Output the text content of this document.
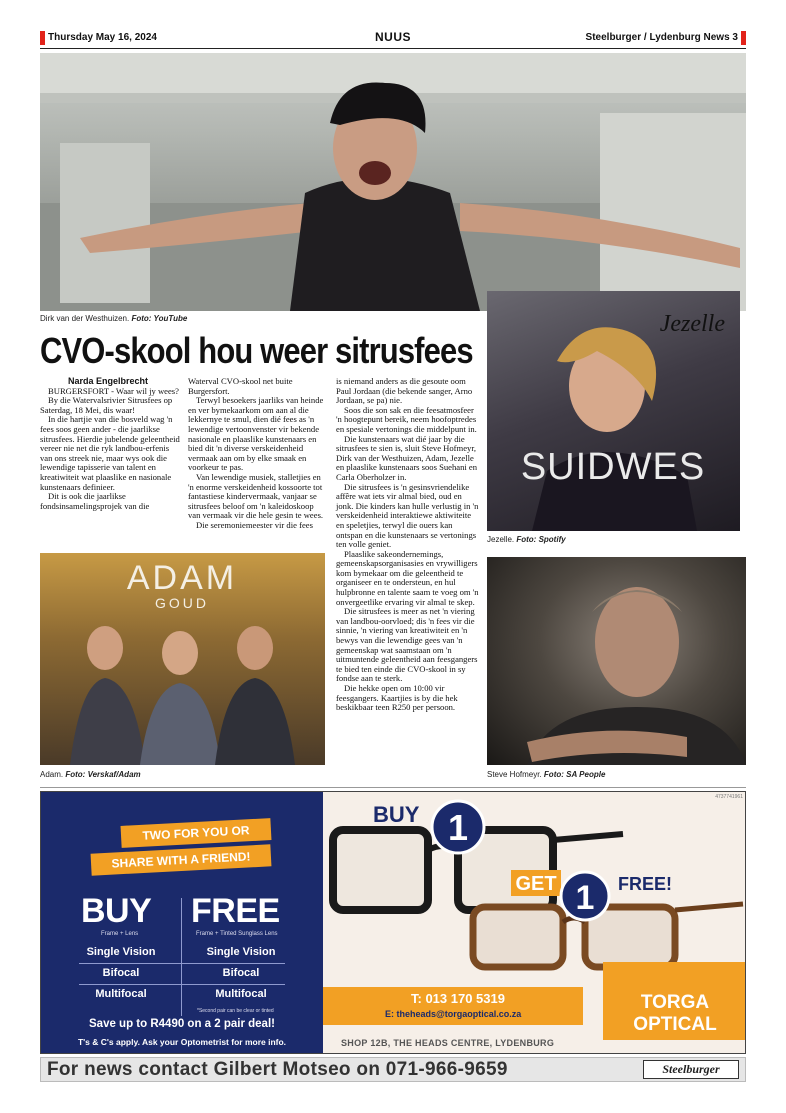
Thursday May 16, 2024	NUUS	Steelburger / Lydenburg News 3
Dirk van der Westhuizen. Foto: YouTube
CVO-skool hou weer sitrusfees

Narda Engelbrecht

BURGERSFORT - Waar wil jy wees?

By die Watervalsrivier Sitrusfees op Saterdag, 18 Mei, dis waar!

In die hartjie van die bosveld wag 'n fees soos geen ander - die jaarlikse sitrusfees. Hierdie jubelende geleentheid vereer nie net die ryk landbou-erfenis van ons streek nie, maar wys ook die lewendige tapisserie van talent en kreatiwiteit wat plaaslike en nasionale kunstenaars definieer.

Dit is ook die jaarlikse fondsinsamelingsprojek van die

Waterval CVO-skool net buite Burgersfort.

Terwyl besoekers jaarliks van heinde en ver bymekaarkom om aan al die lekkernye te smul, dien dié fees as 'n lewendige vertoonvenster vir bekende nasionale en plaaslike kunstenaars en bied dit 'n diverse verskeidenheid vermaak aan om by elke smaak en voorkeur te pas.

Van lewendige musiek, stalletjies en 'n enorme verskeidenheid kossoorte tot fantastiese kindervermaak, vanjaar se sitrusfees beloof om 'n kaleidoskoop van vermaak vir die hele gesin te wees.

Die seremoniemeester vir die fees

is niemand anders as die gesoute oom Paul Jordaan (die bekende sanger, Arno Jordaan, se pa) nie.

Soos die son sak en die feesatmosfeer 'n hoogtepunt bereik, neem hoofoptredes en spesiale vertonings die middelpunt in.

Die kunstenaars wat dié jaar by die sitrusfees te sien is, sluit Steve Hofmeyr, Dirk van der Westhuizen, Adam, Jezelle en plaaslike kunstenaars soos Suehani en Carla Oberholzer in.

Die sitrusfees is 'n gesinsvriendelike affêre wat iets vir almal bied, oud en jonk. Die kinders kan hulle verlustig in 'n verskeidenheid interaktiewe aktiwiteite en speletjies, terwyl die ouers kan ontspan en die kunstenaars se vertonings ten volle geniet.

Plaaslike sakeondernemings, gemeenskapsorganisasies en vrywilligers kom bymekaar om die geleentheid te organiseer en te ondersteun, en hul hulpbronne en talente saam te voeg om 'n onvergeetlike ervaring vir almal te skep.

Die sitrusfees is meer as net 'n viering van landbou-oorvloed; dis 'n fees vir die sinnie, 'n viering van kreatiwiteit en 'n bewys van die lewendige gees van 'n gemeenskap wat saamstaan om 'n uitmuntende geleentheid aan feesgangers te bied ten einde die CVO-skool in sy fondse aan te sterk.

Die hekke open om 10:00 vir feesgangers. Kaartjies is by die hek beskikbaar teen R250 per persoon.

Jezelle
SUIDWES
Jezelle. Foto: Spotify
ADAM
GOUD
Adam. Foto: Verskaf/Adam	Steve Hofmeyr. Foto: SA People
TWO FOR YOU OR
SHARE WITH A FRIEND!
BUY FREE
Frame + Lens	Frame + Tinted Sunglass Lens
Single Vision	Single Vision
Bifocal	Bifocal
Multifocal	Multifocal
*Second pair can be clear or tinted
Save up to R4490 on a 2 pair deal!
T's & C's apply. Ask your Optometrist for more info.
4737741961
BUY 1
GET 1 FREE!
T: 013 170 5319
E: theheads@torgaoptical.co.za
TORGA
OPTICAL
SHOP 12B, THE HEADS CENTRE, LYDENBURG
For news contact Gilbert Motseo on 071-966-9659	Steelburger
